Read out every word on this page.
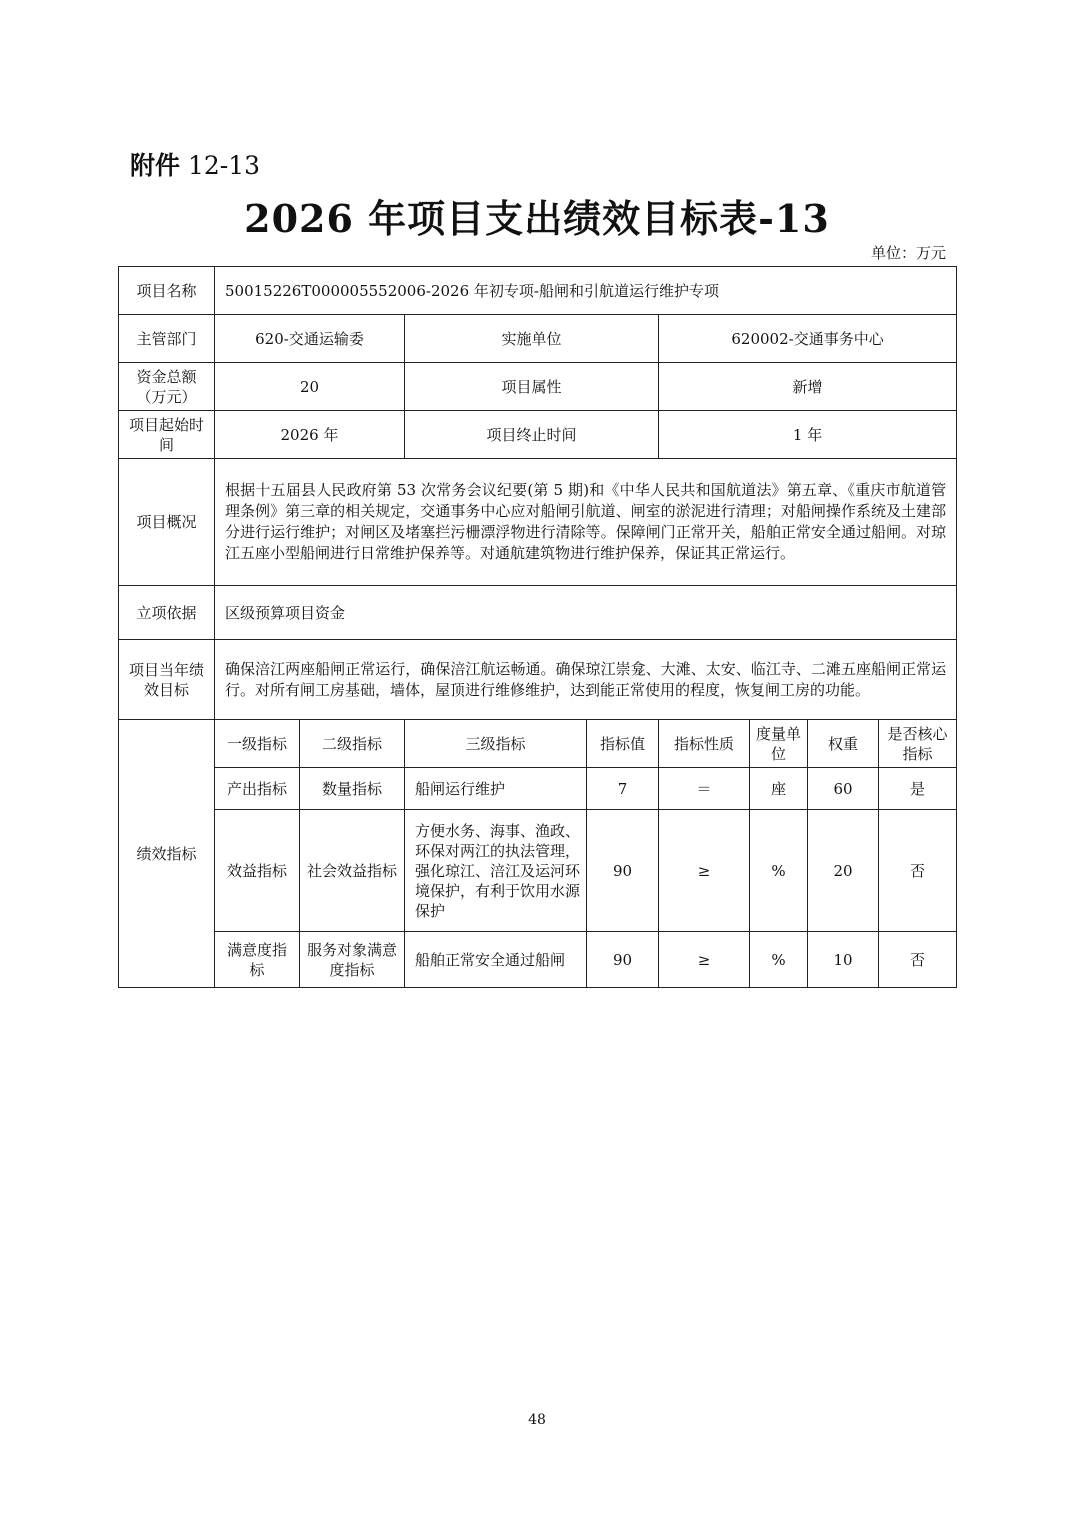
附件 12-13
2026 年项目支出绩效目标表-13
单位：万元
项目名称	50015226T000005552006-2026 年初专项-船闸和引航道运行维护专项							
主管部门	620-交通运输委		实施单位		620002-交通事务中心			
资金总额（万元）	20		项目属性		新增			
项目起始时间	2026 年		项目终止时间		1 年			
项目概况	根据十五届县人民政府第 53 次常务会议纪要(第 5 期)和《中华人民共和国航道法》第五章、《重庆市航道管理条例》第三章的相关规定，交通事务中心应对船闸引航道、闸室的淤泥进行清理；对船闸操作系统及土建部分进行运行维护；对闸区及堵塞拦污栅漂浮物进行清除等。保障闸门正常开关，船舶正常安全通过船闸。对琼江五座小型船闸进行日常维护保养等。对通航建筑物进行维护保养，保证其正常运行。							
立项依据	区级预算项目资金							
项目当年绩效目标	确保涪江两座船闸正常运行，确保涪江航运畅通。确保琼江崇龛、大滩、太安、临江寺、二滩五座船闸正常运行。对所有闸工房基础，墙体，屋顶进行维修维护，达到能正常使用的程度，恢复闸工房的功能。							
绩效指标	一级指标	二级指标	三级指标	指标值	指标性质	度量单位	权重	是否核心指标
	产出指标	数量指标	船闸运行维护	7	＝	座	60	是
	效益指标	社会效益指标	方便水务、海事、渔政、环保对两江的执法管理，强化琼江、涪江及运河环境保护，有利于饮用水源保护	90	≥	%	20	否
	满意度指标	服务对象满意度指标	船舶正常安全通过船闸	90	≥	%	10	否
48
